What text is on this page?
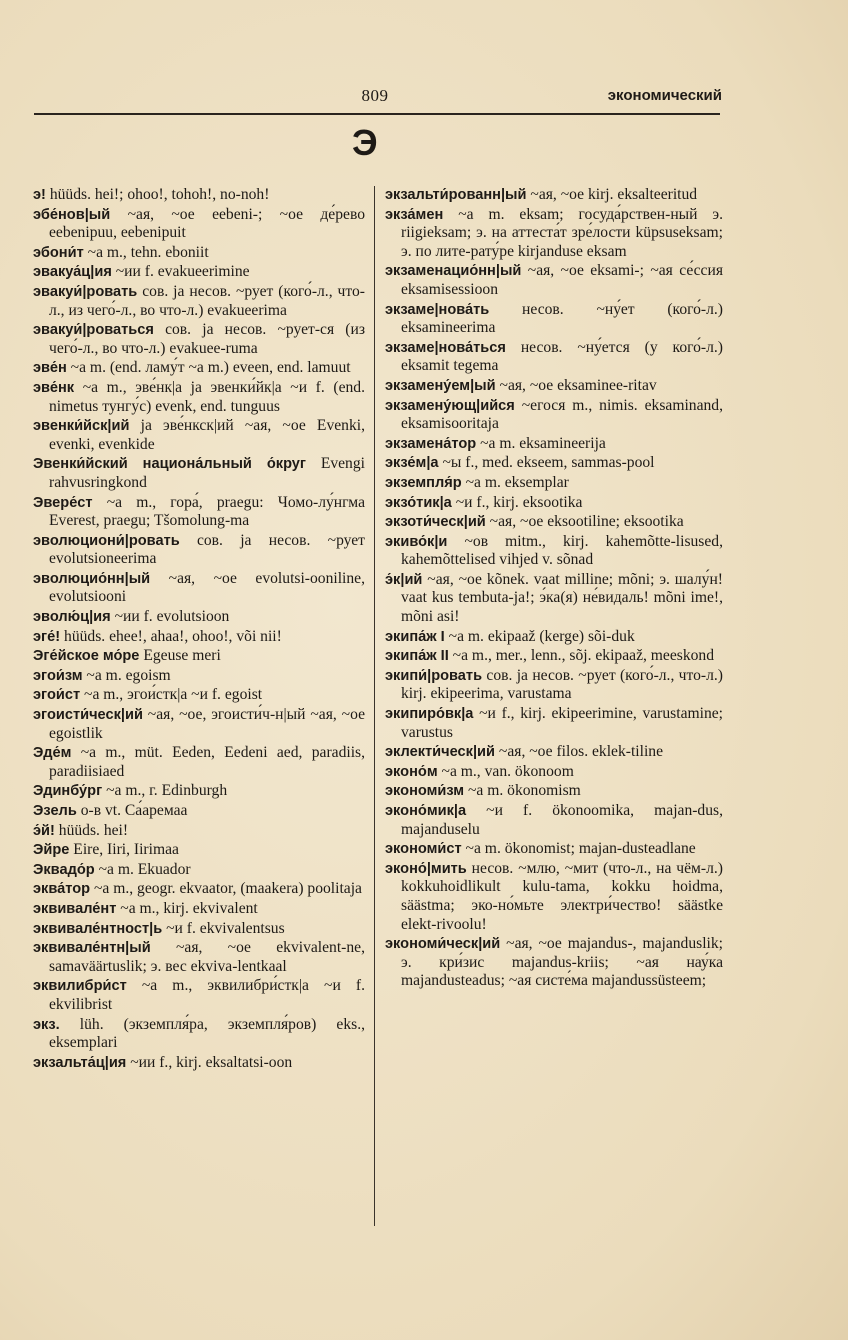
809	экономический
Э
э! hüüds. hei!; ohoo!, tohoh!, no-noh!
эбе́нов|ый ~ая, ~ое eebeni-; ~ое де́рево eebenipuu, eebenipuit
эбони́т ~а m., tehn. eboniit
эвакуа́ц|ия ~ии f. evakueerimine
эвакуи́|ровать сов. ja несов. ~рует (кого́-л., что-л., из чего́-л., во что-л.) evakueerima
эвакуи́|роваться сов. ja несов. ~рует-ся (из чего́-л., во что-л.) evakuee-ruma
эве́н ~а m. (end. ламу́т ~а m.) eveen, end. lamuut
эве́нк ~а m., эве́нк|а ja эвенки́йк|а ~и f. (end. nimetus тунгу́с) evenk, end. tunguus
эвенки́йск|ий ja эве́нкск|ий ~ая, ~ое Evenki, evenki, evenkide
Эвенки́йский национа́льный о́круг Evengi rahvusringkond
Эвере́ст ~а m., гора́, praegu: Чомо-лу́нгма Everest, praegu; Tšomolung-ma
эволюциони́|ровать сов. ja несов. ~рует evolutsioneerima
эволюцио́нн|ый ~ая, ~ое evolutsi-ooniline, evolutsiooni
эволю́ц|ия ~ии f. evolutsioon
эге́! hüüds. ehee!, ahaa!, ohoo!, või nii!
Эге́йское мо́ре Egeuse meri
эгои́зм ~а m. egoism
эгои́ст ~а m., эгои́стк|а ~и f. egoist
эгоисти́ческ|ий ~ая, ~ое, эгоисти́ч-н|ый ~ая, ~ое egoistlik
Эде́м ~а m., müt. Eeden, Eedeni aed, paradiis, paradiisiaed
Эдинбу́рг ~а m., г. Edinburgh
Эзель о-в vt. Са́аремаа
э́й! hüüds. hei!
Эйре Eire, Iiri, Iirimaa
Эквадо́р ~а m. Ekuador
эква́тор ~а m., geogr. ekvaator, (maakera) poolitaja
эквивале́нт ~а m., kirj. ekvivalent
эквивале́нтност|ь ~и f. ekvivalentsus
эквивале́нтн|ый ~ая, ~ое ekvivalent-ne, samaväärtuslik; э. вес ekviva-lentkaal
эквилибри́ст ~а m., эквилибри́стк|а ~и f. ekvilibrist
экз. lüh. (экземпля́ра, экземпля́ров) eks., eksemplari
экзальта́ц|ия ~ии f., kirj. eksaltatsi-oon
экзальти́рованн|ый ~ая, ~ое kirj. eksalteeritud
экза́мен ~а m. eksam; госуда́рствен-ный э. riigieksam; э. на аттеста́т зре́лости küpsuseksam; э. по лите-рату́ре kirjanduse eksam
экзаменацио́нн|ый ~ая, ~ое eksami-; ~ая се́ссия eksamisessioon
экзаме|нова́ть несов. ~ну́ет (кого́-л.) eksamineerima
экзаме|нова́ться несов. ~ну́ется (у кого́-л.) eksamit tegema
экзамену́ем|ый ~ая, ~ое eksaminee-ritav
экзамену́ющ|ийся ~егося m., nimis. eksaminand, eksamisooritaja
экзамена́тор ~а m. eksamineerija
экзе́м|а ~ы f., med. ekseem, sammas-pool
экземпля́р ~а m. eksemplar
экзо́тик|а ~и f., kirj. eksootika
экзоти́ческ|ий ~ая, ~ое eksootiline; eksootika
экиво́к|и ~ов mitm., kirj. kahemõtte-lisused, kahemõttelised vihjed v. sõnad
э́к|ий ~ая, ~ое kõnek. vaat milline; mõni; э. шалу́н! vaat kus tembuta-ja!; э́ка(я) не́видаль! mõni ime!, mõni asi!
экипа́ж I ~а m. ekipaaž (kerge) sõi-duk
экипа́ж II ~а m., mer., lenn., sõj. ekipaaž, meeskond
экипи́|ровать сов. ja несов. ~рует (кого́-л., что-л.) kirj. ekipeerima, varustama
экипиро́вк|а ~и f., kirj. ekipeerimine, varustamine; varustus
эклекти́ческ|ий ~ая, ~ое filos. eklek-tiline
эконо́м ~а m., van. ökonoom
экономи́зм ~а m. ökonomism
эконо́мик|а ~и f. ökonoomika, majan-dus, majanduselu
экономи́ст ~а m. ökonomist; majan-dusteadlane
эконо́|мить несов. ~млю, ~мит (что-л., на чём-л.) kokkuhoidlikult kulu-tama, kokku hoidma, säästma; эко-но́мьте электри́чество! säästke elekt-rivoolu!
экономи́ческ|ий ~ая, ~ое majandus-, majanduslik; э. кри́зис majandus-kriis; ~ая нау́ка majandusteadus; ~ая систе́ма majandussüsteem;
